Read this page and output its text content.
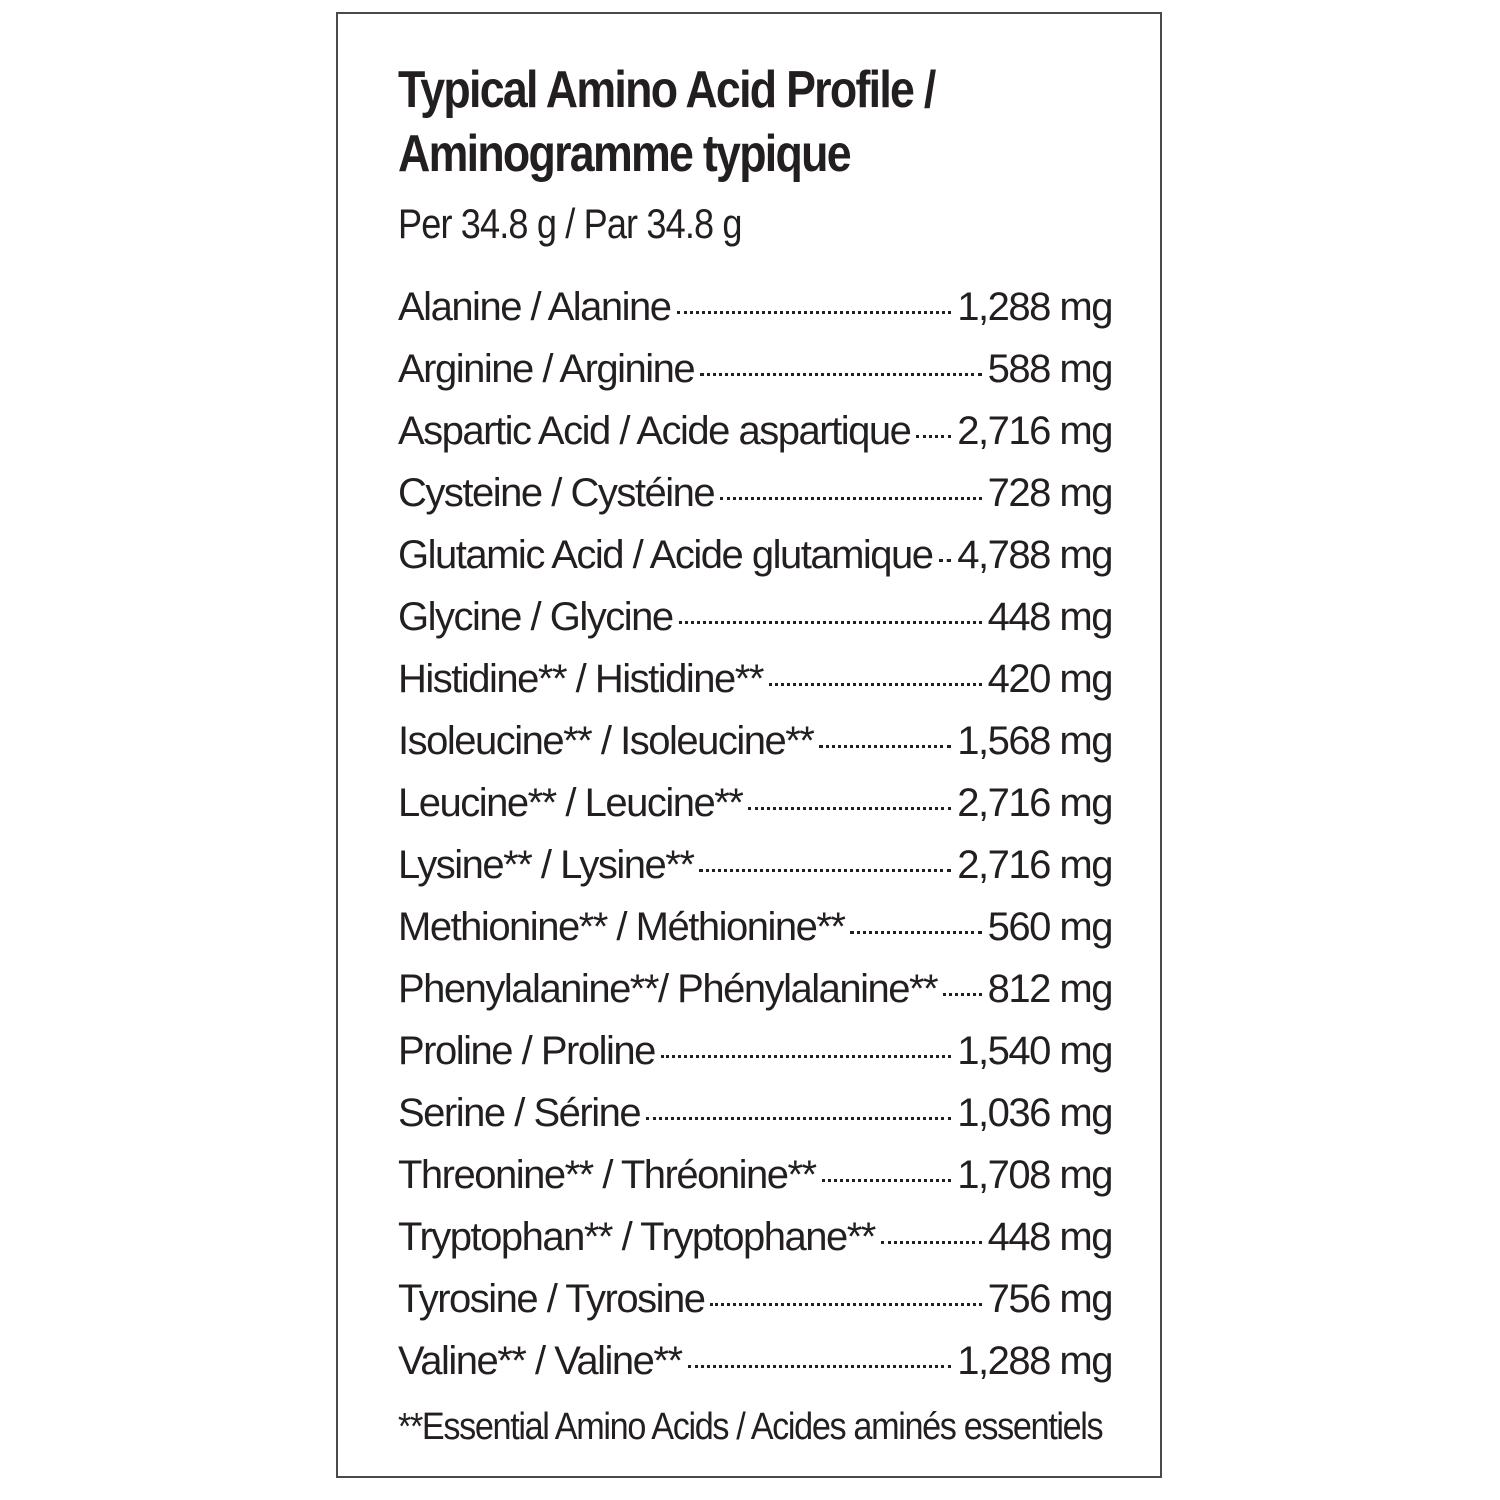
Typical Amino Acid Profile /
Aminogramme typique
Per 34.8 g / Par 34.8 g
Alanine / Alanine	1,288 mg
Arginine / Arginine	588 mg
Aspartic Acid / Acide aspartique 2,716 mg
Cysteine / Cystéine	728 mg
Glutamic Acid / Acide glutamique 4,788 mg
Glycine / Glycine	448 mg
Histidine** / Histidine**	420 mg
Isoleucine** / Isoleucine**	1,568 mg
Leucine** / Leucine**	2,716 mg
Lysine** / Lysine**	2,716 mg
Methionine** / Méthionine**	560 mg
Phenylalanine**/ Phénylalanine** 812 mg
Proline / Proline	1,540 mg
Serine / Sérine	1,036 mg
Threonine** / Thréonine**	1,708 mg
Tryptophan** / Tryptophane**	448 mg
Tyrosine / Tyrosine	756 mg
Valine** / Valine**	1,288 mg
**Essential Amino Acids / Acides aminés essentiels
